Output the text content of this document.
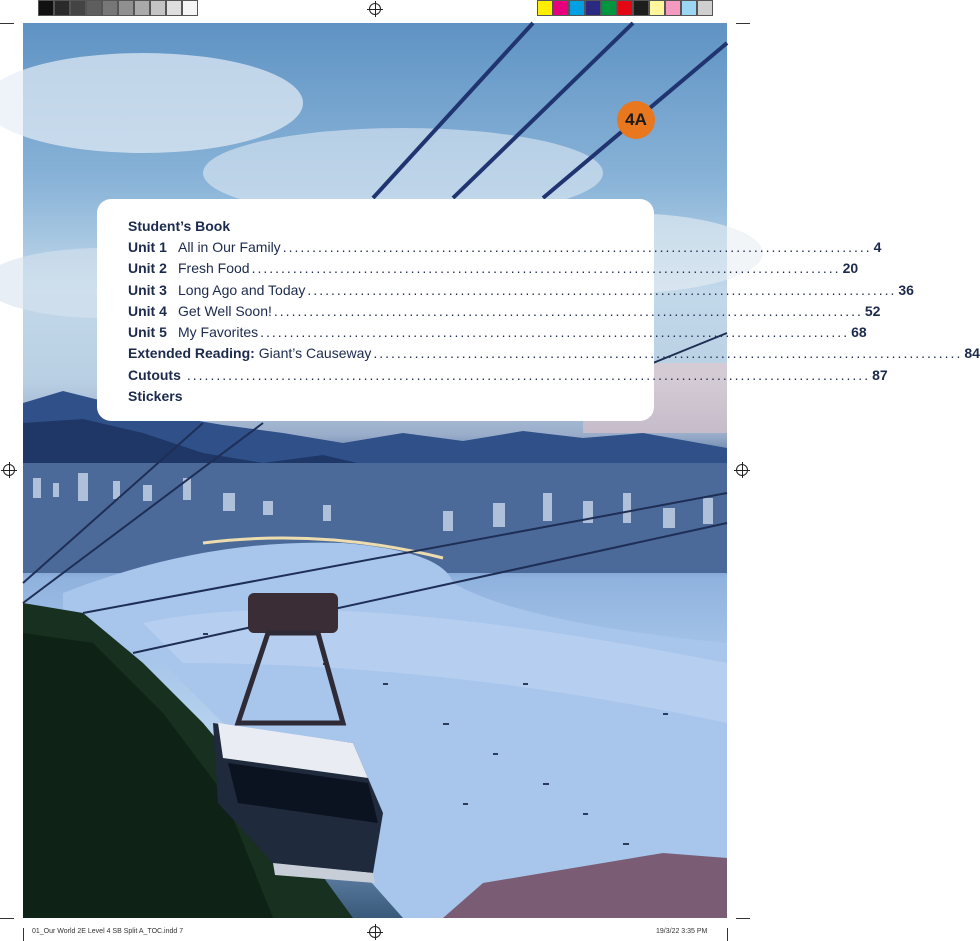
4A
Student’s Book
Unit 1 All in Our Family .................................................................................................... 4
Unit 2 Fresh Food .................................................................................................... 20
Unit 3 Long Ago and Today .................................................................................................... 36
Unit 4 Get Well Soon! .................................................................................................... 52
Unit 5 My Favorites .................................................................................................... 68
Extended Reading: Giant’s Causeway .................................................................................................... 84
Cutouts .................................................................................................................... 87
Stickers
01_Our World 2E Level 4 SB Split A_TOC.indd 7	19/3/22 3:35 PM
